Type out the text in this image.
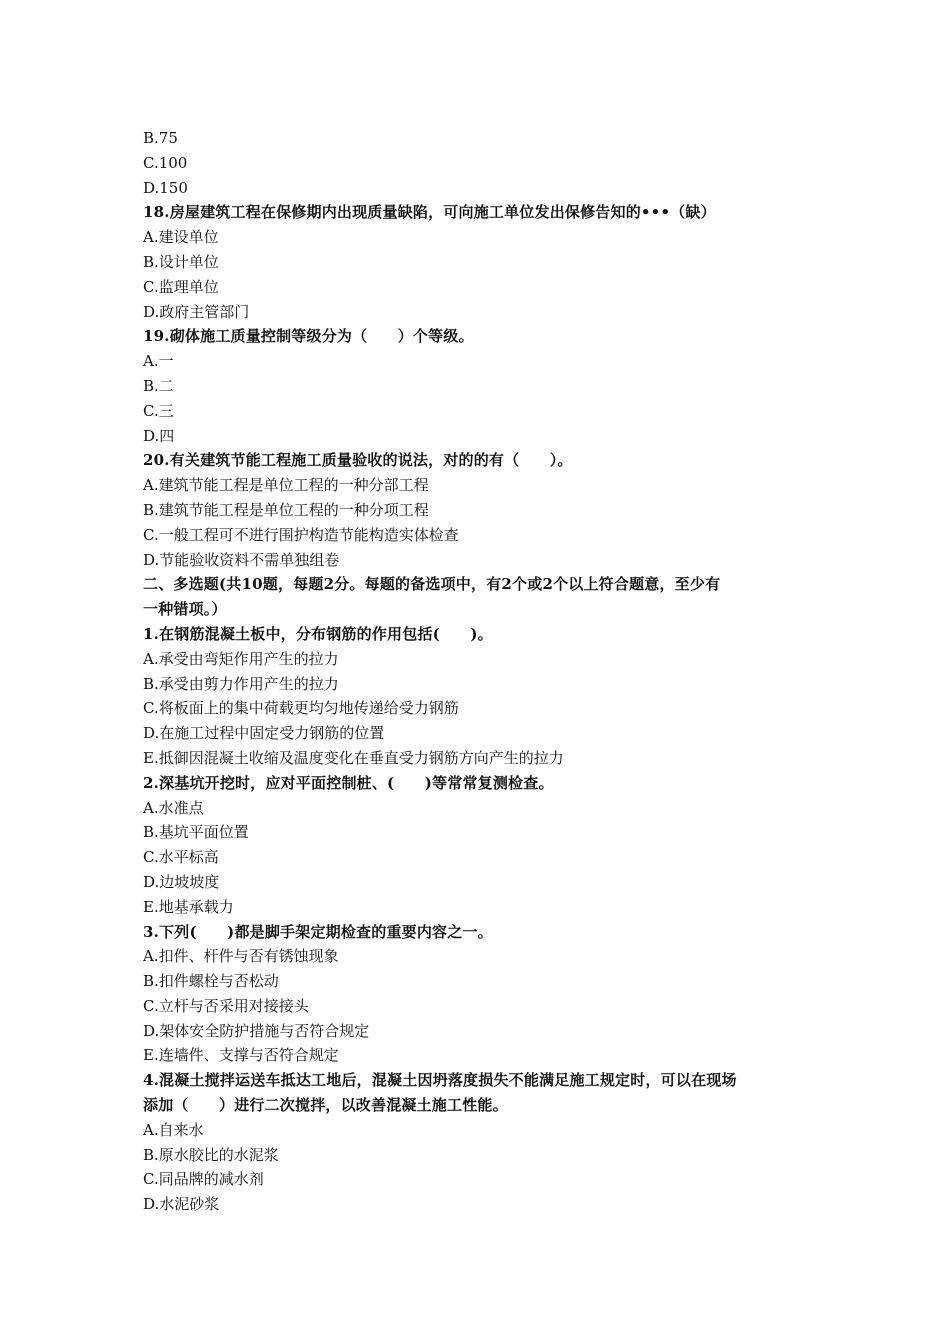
B.75
C.100
D.150
18.房屋建筑工程在保修期内出现质量缺陷，可向施工单位发出保修告知的•••（缺）
A.建设单位
B.设计单位
C.监理单位
D.政府主管部门
19.砌体施工质量控制等级分为（　　）个等级。
A.一
B.二
C.三
D.四
20.有关建筑节能工程施工质量验收的说法，对的的有（　　）。
A.建筑节能工程是单位工程的一种分部工程
B.建筑节能工程是单位工程的一种分项工程
C.一般工程可不进行围护构造节能构造实体检查
D.节能验收资料不需单独组卷
二、多选题(共10题，每题2分。每题的备选项中，有2个或2个以上符合题意，至少有
一种错项。）
1.在钢筋混凝土板中，分布钢筋的作用包括(　　)。
A.承受由弯矩作用产生的拉力
B.承受由剪力作用产生的拉力
C.将板面上的集中荷载更均匀地传递给受力钢筋
D.在施工过程中固定受力钢筋的位置
E.抵御因混凝土收缩及温度变化在垂直受力钢筋方向产生的拉力
2.深基坑开挖时，应对平面控制桩、(　　)等常常复测检查。
A.水准点
B.基坑平面位置
C.水平标高
D.边坡坡度
E.地基承载力
3.下列(　　)都是脚手架定期检查的重要内容之一。
A.扣件、杆件与否有锈蚀现象
B.扣件螺栓与否松动
C.立杆与否采用对接接头
D.架体安全防护措施与否符合规定
E.连墙件、支撑与否符合规定
4.混凝土搅拌运送车抵达工地后，混凝土因坍落度损失不能满足施工规定时，可以在现场
添加（　　）进行二次搅拌，以改善混凝土施工性能。
A.自来水
B.原水胶比的水泥浆
C.同品牌的减水剂
D.水泥砂浆
